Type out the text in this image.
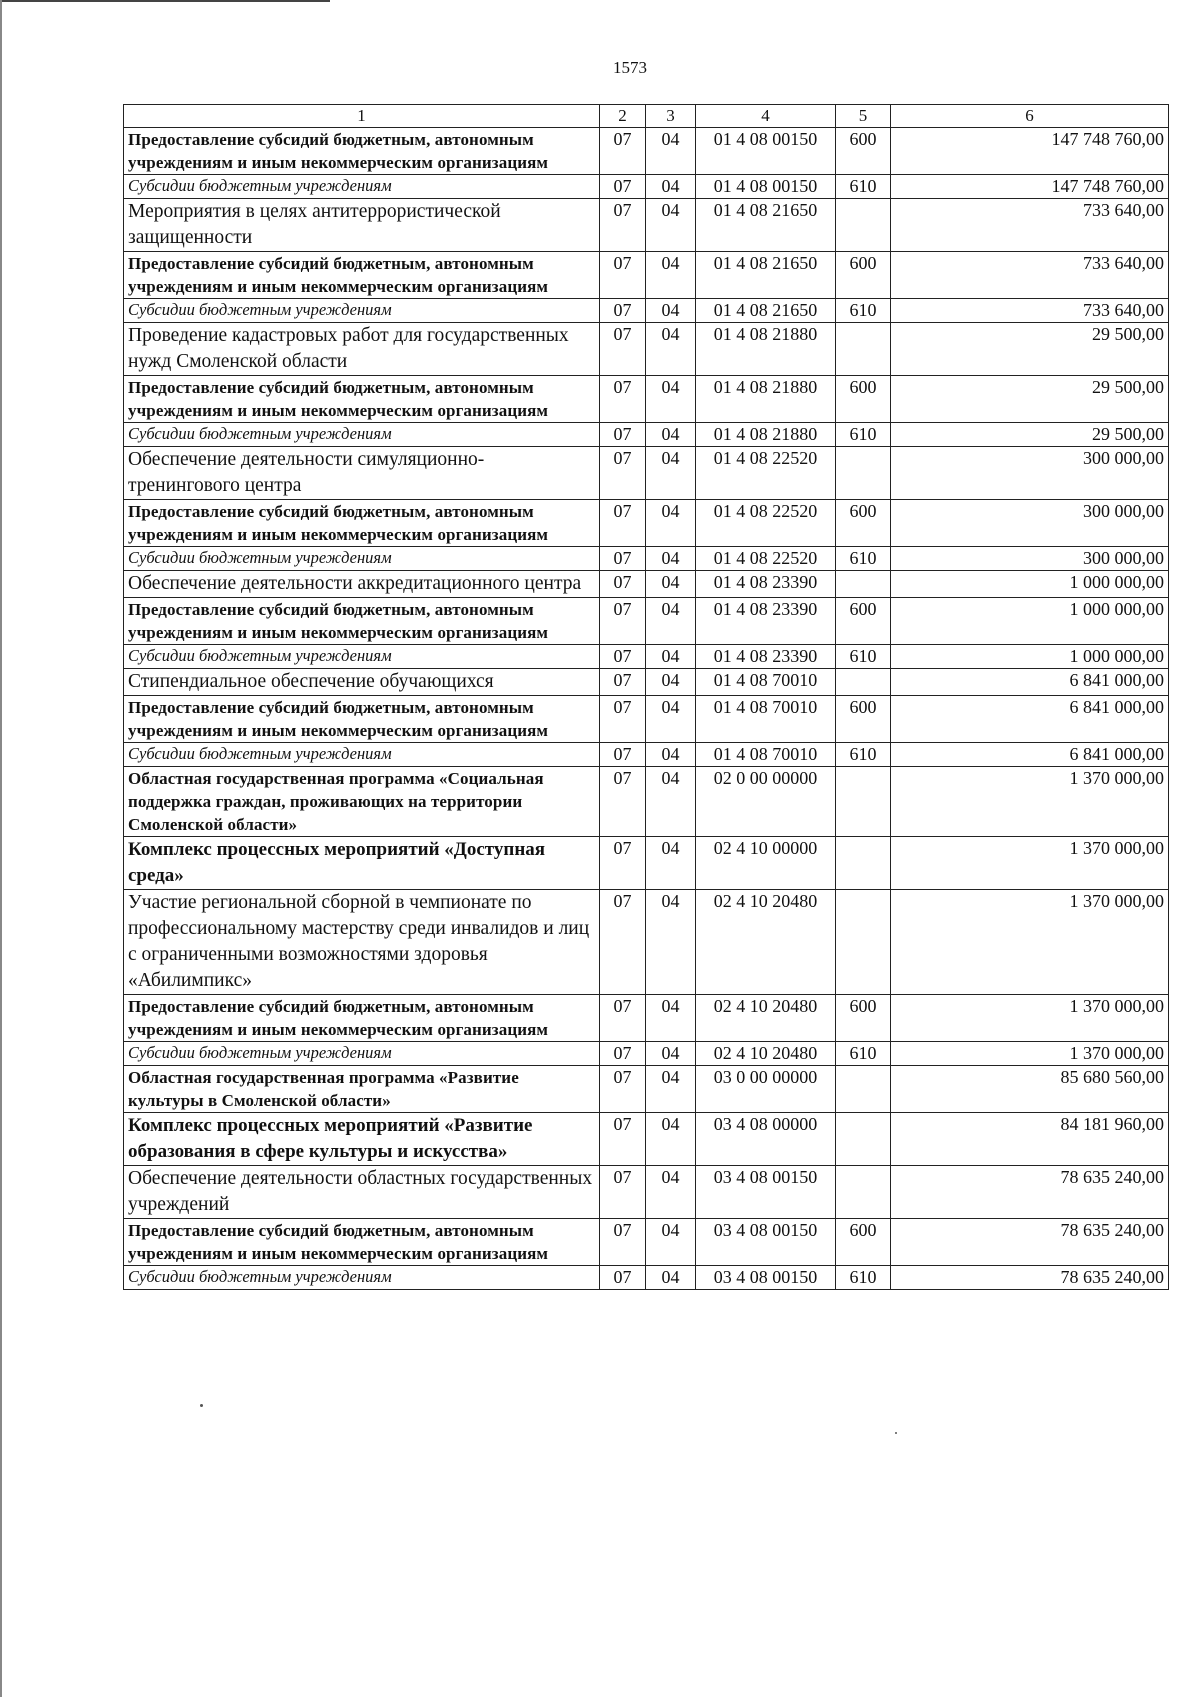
1573
1	2	3	4	5	6
Предоставление субсидий бюджетным, автономным учреждениям и иным некоммерческим организациям	07	04	01 4 08 00150	600	147 748 760,00
Субсидии бюджетным учреждениям	07	04	01 4 08 00150	610	147 748 760,00
Мероприятия в целях антитеррористической защищенности	07	04	01 4 08 21650		733 640,00
Предоставление субсидий бюджетным, автономным учреждениям и иным некоммерческим организациям	07	04	01 4 08 21650	600	733 640,00
Субсидии бюджетным учреждениям	07	04	01 4 08 21650	610	733 640,00
Проведение кадастровых работ для государственных нужд Смоленской области	07	04	01 4 08 21880		29 500,00
Предоставление субсидий бюджетным, автономным учреждениям и иным некоммерческим организациям	07	04	01 4 08 21880	600	29 500,00
Субсидии бюджетным учреждениям	07	04	01 4 08 21880	610	29 500,00
Обеспечение деятельности симуляционно-тренингового центра	07	04	01 4 08 22520		300 000,00
Предоставление субсидий бюджетным, автономным учреждениям и иным некоммерческим организациям	07	04	01 4 08 22520	600	300 000,00
Субсидии бюджетным учреждениям	07	04	01 4 08 22520	610	300 000,00
Обеспечение деятельности аккредитационного центра	07	04	01 4 08 23390		1 000 000,00
Предоставление субсидий бюджетным, автономным учреждениям и иным некоммерческим организациям	07	04	01 4 08 23390	600	1 000 000,00
Субсидии бюджетным учреждениям	07	04	01 4 08 23390	610	1 000 000,00
Стипендиальное обеспечение обучающихся	07	04	01 4 08 70010		6 841 000,00
Предоставление субсидий бюджетным, автономным учреждениям и иным некоммерческим организациям	07	04	01 4 08 70010	600	6 841 000,00
Субсидии бюджетным учреждениям	07	04	01 4 08 70010	610	6 841 000,00
Областная государственная программа «Социальная поддержка граждан, проживающих на территории Смоленской области»	07	04	02 0 00 00000		1 370 000,00
Комплекс процессных мероприятий «Доступная среда»	07	04	02 4 10 00000		1 370 000,00
Участие региональной сборной в чемпионате по профессиональному мастерству среди инвалидов и лиц с ограниченными возможностями здоровья «Абилимпикс»	07	04	02 4 10 20480		1 370 000,00
Предоставление субсидий бюджетным, автономным учреждениям и иным некоммерческим организациям	07	04	02 4 10 20480	600	1 370 000,00
Субсидии бюджетным учреждениям	07	04	02 4 10 20480	610	1 370 000,00
Областная государственная программа «Развитие культуры в Смоленской области»	07	04	03 0 00 00000		85 680 560,00
Комплекс процессных мероприятий «Развитие образования в сфере культуры и искусства»	07	04	03 4 08 00000		84 181 960,00
Обеспечение деятельности областных государственных учреждений	07	04	03 4 08 00150		78 635 240,00
Предоставление субсидий бюджетным, автономным учреждениям и иным некоммерческим организациям	07	04	03 4 08 00150	600	78 635 240,00
Субсидии бюджетным учреждениям	07	04	03 4 08 00150	610	78 635 240,00
